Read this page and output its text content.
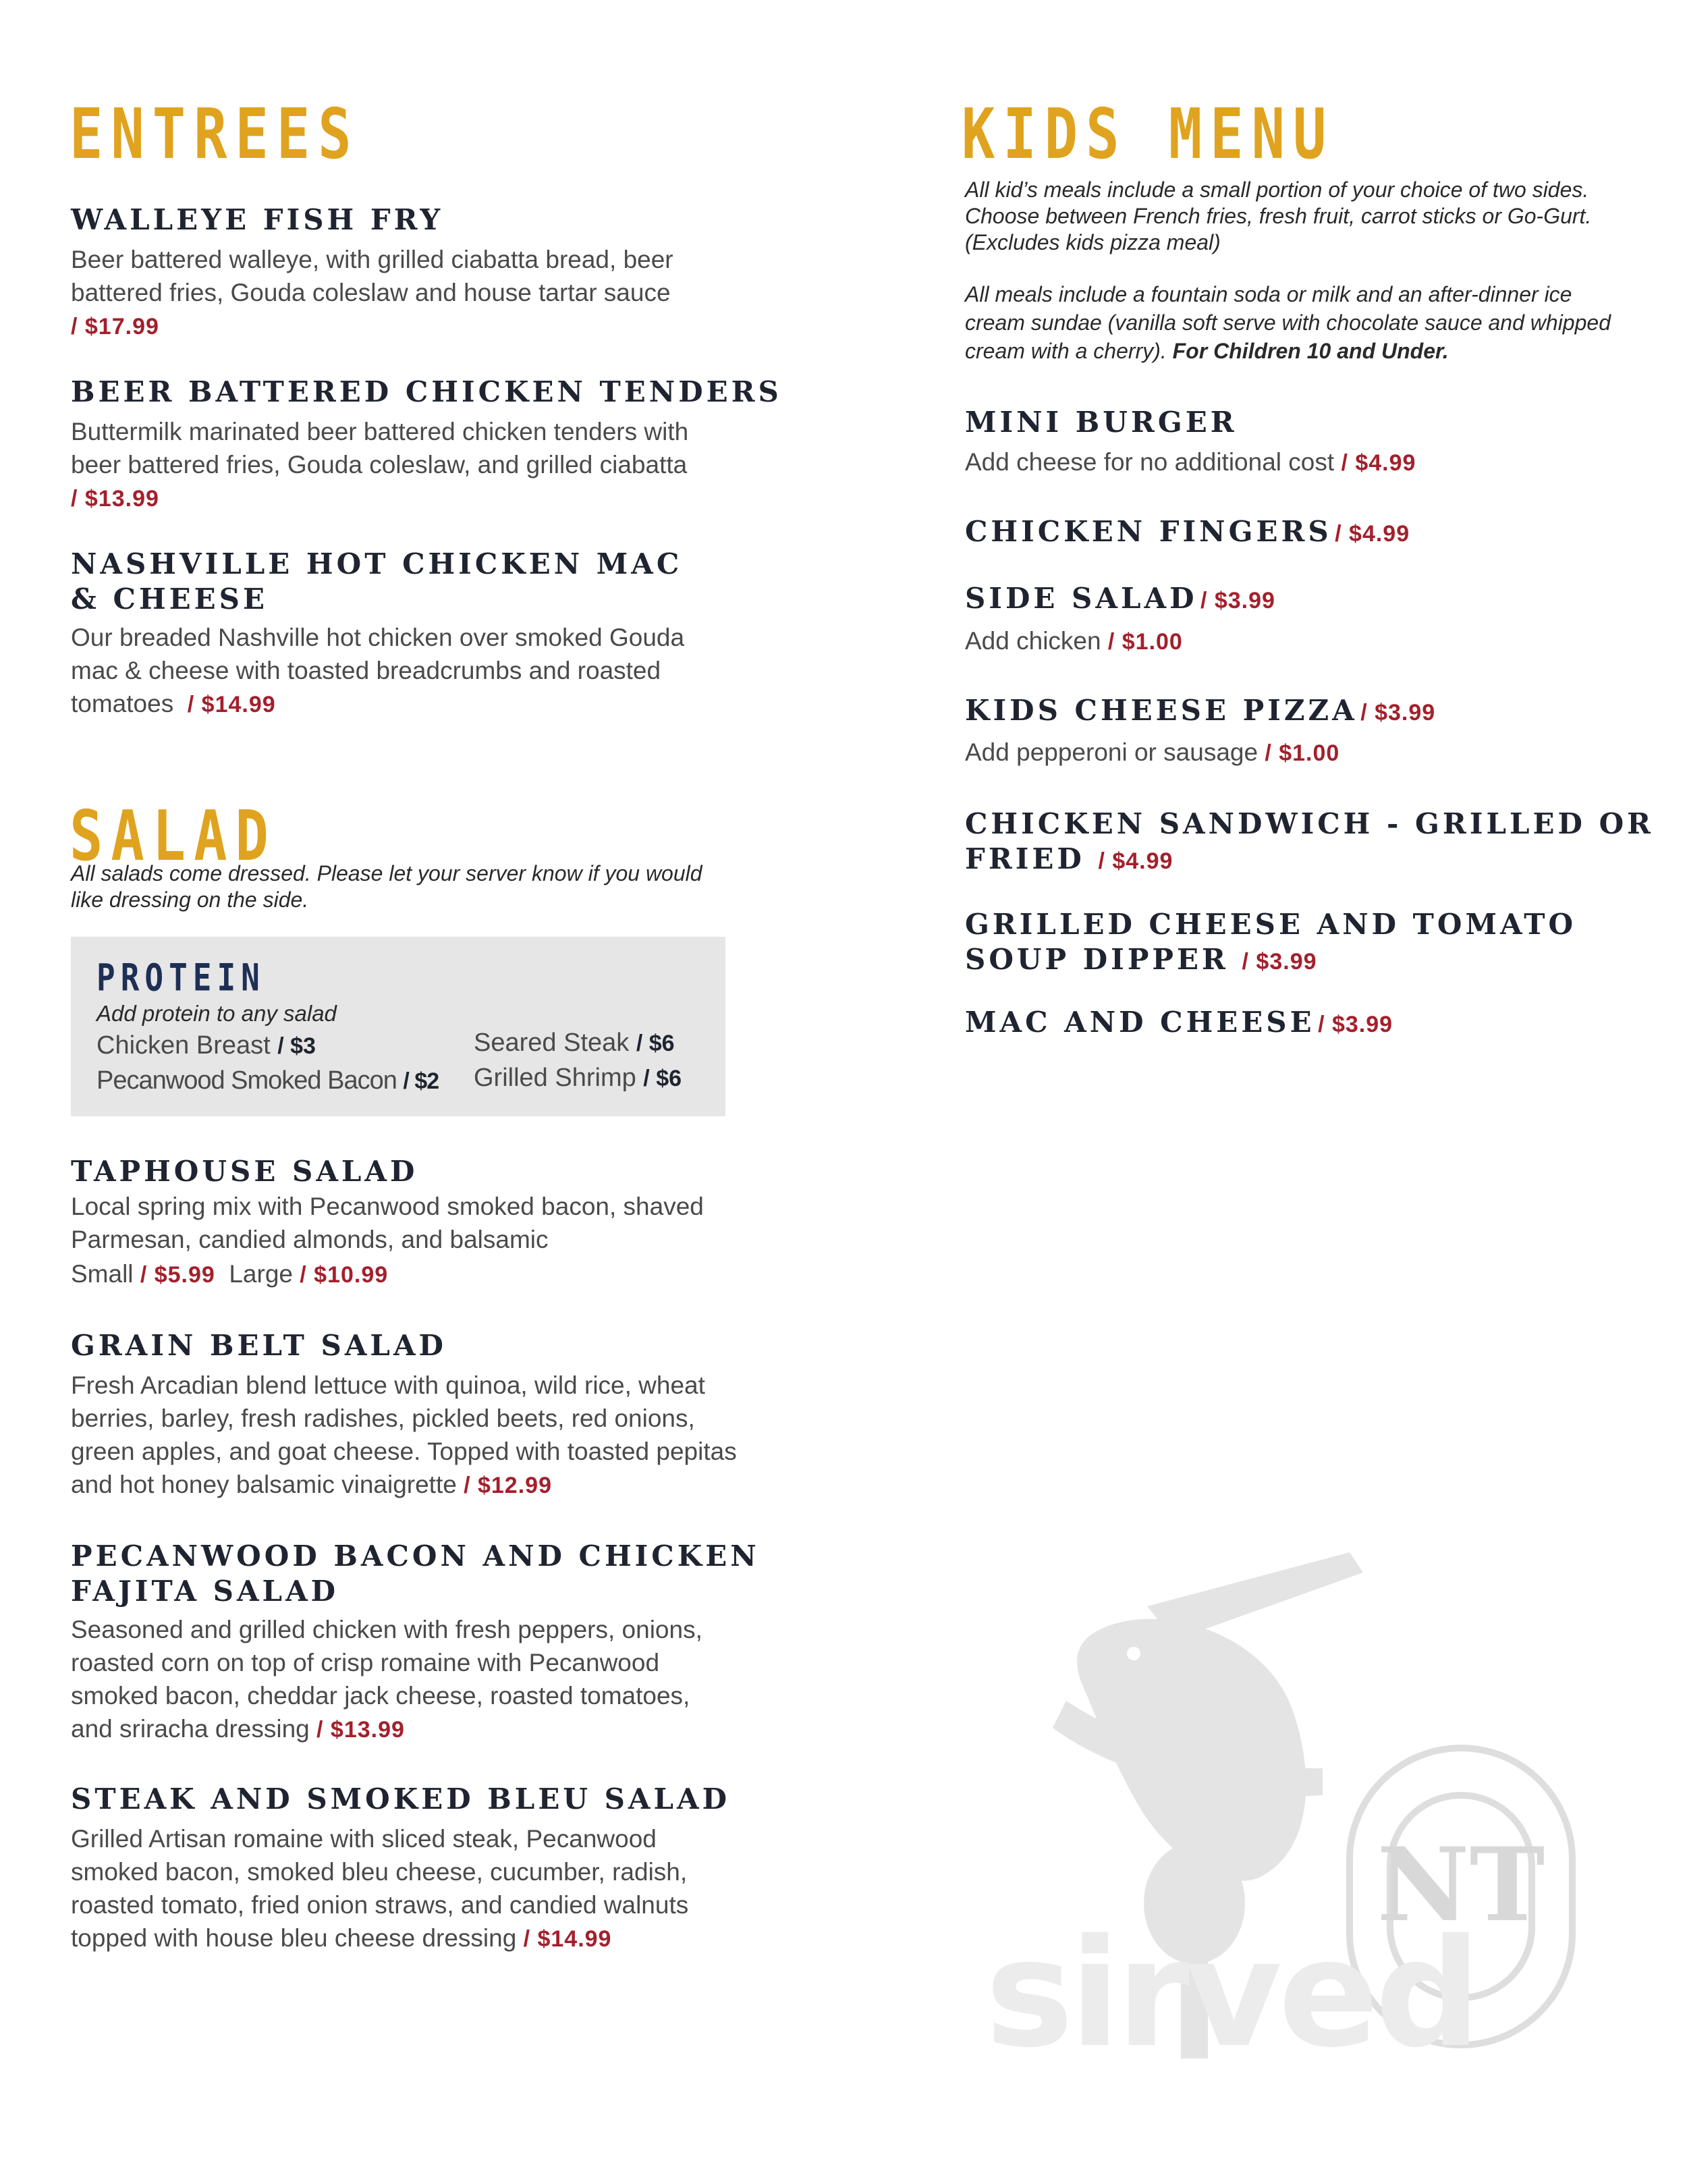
ENTREES
WALLEYE FISH FRY
Beer battered walleye, with grilled ciabatta bread, beer battered fries, Gouda coleslaw and house tartar sauce
/ $17.99
BEER BATTERED CHICKEN TENDERS
Buttermilk marinated beer battered chicken tenders with beer battered fries, Gouda coleslaw, and grilled ciabatta
/ $13.99
NASHVILLE HOT CHICKEN MAC
& CHEESE
Our breaded Nashville hot chicken over smoked Gouda mac & cheese with toasted breadcrumbs and roasted tomatoes / $14.99
SALAD
All salads come dressed. Please let your server know if you would like dressing on the side.
PROTEIN
Add protein to any salad
Chicken Breast / $3
Pecanwood Smoked Bacon / $2
Seared Steak / $6
Grilled Shrimp / $6
TAPHOUSE SALAD
Local spring mix with Pecanwood smoked bacon, shaved Parmesan, candied almonds, and balsamic
Small / $5.99 Large / $10.99
GRAIN BELT SALAD
Fresh Arcadian blend lettuce with quinoa, wild rice, wheat berries, barley, fresh radishes, pickled beets, red onions, green apples, and goat cheese. Topped with toasted pepitas and hot honey balsamic vinaigrette / $12.99
PECANWOOD BACON AND CHICKEN
FAJITA SALAD
Seasoned and grilled chicken with fresh peppers, onions, roasted corn on top of crisp romaine with Pecanwood smoked bacon, cheddar jack cheese, roasted tomatoes, and sriracha dressing / $13.99
STEAK AND SMOKED BLEU SALAD
Grilled Artisan romaine with sliced steak, Pecanwood smoked bacon, smoked bleu cheese, cucumber, radish, roasted tomato, fried onion straws, and candied walnuts topped with house bleu cheese dressing / $14.99
KIDS MENU
All kid’s meals include a small portion of your choice of two sides. Choose between French fries, fresh fruit, carrot sticks or Go-Gurt. (Excludes kids pizza meal)
All meals include a fountain soda or milk and an after-dinner ice cream sundae (vanilla soft serve with chocolate sauce and whipped cream with a cherry). For Children 10 and Under.
MINI BURGER
Add cheese for no additional cost / $4.99
CHICKEN FINGERS / $4.99
SIDE SALAD / $3.99
Add chicken / $1.00
KIDS CHEESE PIZZA / $3.99
Add pepperoni or sausage / $1.00
CHICKEN SANDWICH - GRILLED OR
FRIED / $4.99
GRILLED CHEESE AND TOMATO
SOUP DIPPER / $3.99
MAC AND CHEESE / $3.99
NT
sirved
